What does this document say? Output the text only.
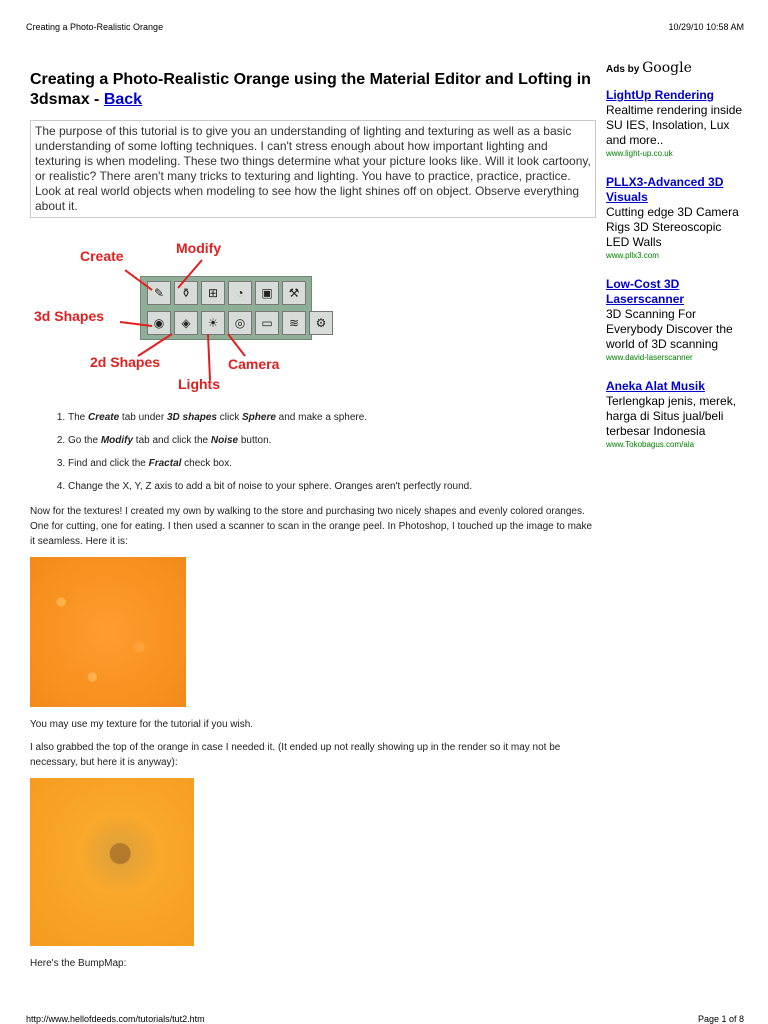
Creating a Photo-Realistic Orange	10/29/10 10:58 AM
Creating a Photo-Realistic Orange using the Material Editor and Lofting in 3dsmax - Back
The purpose of this tutorial is to give you an understanding of lighting and texturing as well as a basic understanding of some lofting techniques. I can't stress enough about how important lighting and texturing is when modeling. These two things determine what your picture looks like. Will it look cartoony, or realistic? There aren't many tricks to texturing and lighting. You have to practice, practice, practice. Look at real world objects when modeling to see how the light shines off on object. Observe everything about it.
✎	⚱	⊞	◔	▣	⚒
◉	◈	☀	◎	▭	≋	⚙
Create	Modify
3d Shapes
2d Shapes	Camera
Lights
1. The Create tab under 3D shapes click Sphere and make a sphere.
2. Go the Modify tab and click the Noise button.
3. Find and click the Fractal check box.
4. Change the X, Y, Z axis to add a bit of noise to your sphere. Oranges aren't perfectly round.

Now for the textures! I created my own by walking to the store and purchasing two nicely shapes and evenly colored oranges. One for cutting, one for eating. I then used a scanner to scan in the orange peel. In Photoshop, I touched up the image to make it seamless. Here it is:

You may use my texture for the tutorial if you wish.

I also grabbed the top of the orange in case I needed it. (It ended up not really showing up in the render so it may not be necessary, but here it is anyway):

Here's the BumpMap:

Ads by Google
LightUp Rendering
Realtime rendering inside SU IES, Insolation, Lux and more..
www.light-up.co.uk
PLLX3-Advanced 3D Visuals
Cutting edge 3D Camera Rigs 3D Stereoscopic LED Walls
www.pllx3.com
Low-Cost 3D Laserscanner
3D Scanning For Everybody Discover the world of 3D scanning
www.david-laserscanner
Aneka Alat Musik
Terlengkap jenis, merek, harga di Situs jual/beli terbesar Indonesia
www.Tokobagus.com/ala
http://www.hellofdeeds.com/tutorials/tut2.htm	Page 1 of 8
